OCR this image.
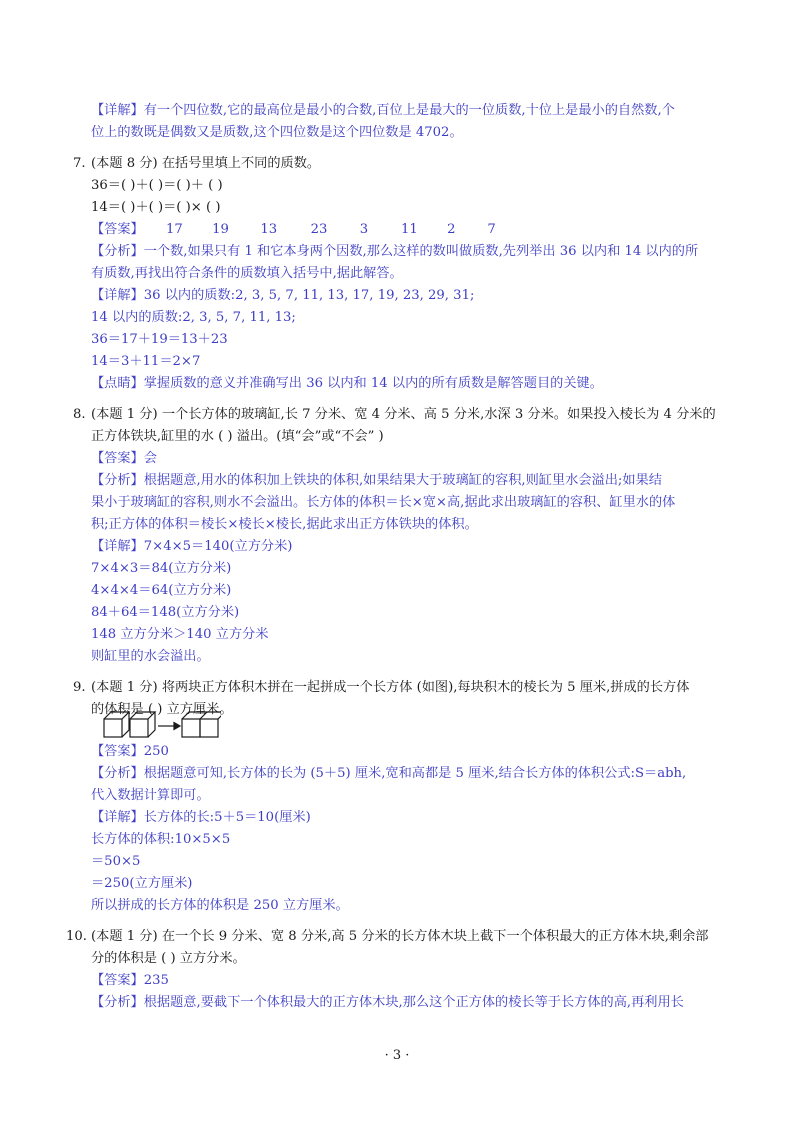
【详解】有一个四位数,它的最高位是最小的合数,百位上是最大的一位质数,十位上是最小的自然数,个
位上的数既是偶数又是质数,这个四位数是这个四位数是 4702。
7. (本题 8 分) 在括号里填上不同的质数。
36＝( )＋( )＝( )＋ ( )
14＝( )＋( )＝( )× ( )
【答案】 17 19 13	23 3 11 2 7
【分析】一个数,如果只有 1 和它本身两个因数,那么这样的数叫做质数,先列举出 36 以内和 14 以内的所
有质数,再找出符合条件的质数填入括号中,据此解答。
【详解】36 以内的质数:2, 3, 5, 7, 11, 13, 17, 19, 23, 29, 31;
14 以内的质数:2, 3, 5, 7, 11, 13;
36＝17＋19＝13＋23
14＝3＋11＝2×7
【点睛】掌握质数的意义并准确写出 36 以内和 14 以内的所有质数是解答题目的关键。
8. (本题 1 分) 一个长方体的玻璃缸,长 7 分米、宽 4 分米、高 5 分米,水深 3 分米。如果投入棱长为 4 分米的
正方体铁块,缸里的水 ( ) 溢出。(填“会”或“不会” )
【答案】会
【分析】根据题意,用水的体积加上铁块的体积,如果结果大于玻璃缸的容积,则缸里水会溢出;如果结
果小于玻璃缸的容积,则水不会溢出。长方体的体积＝长×宽×高,据此求出玻璃缸的容积、缸里水的体
积;正方体的体积＝棱长×棱长×棱长,据此求出正方体铁块的体积。
【详解】7×4×5＝140(立方分米)
7×4×3＝84(立方分米)
4×4×4＝64(立方分米)
84＋64＝148(立方分米)
148 立方分米＞140 立方分米
则缸里的水会溢出。
9. (本题 1 分) 将两块正方体积木拼在一起拼成一个长方体 (如图),每块积木的棱长为 5 厘米,拼成的长方体
的体积是 ( ) 立方厘米。
【答案】250
【分析】根据题意可知,长方体的长为 (5＋5) 厘米,宽和高都是 5 厘米,结合长方体的体积公式:S＝abh,
代入数据计算即可。
【详解】长方体的长:5＋5＝10(厘米)
长方体的体积:10×5×5
＝50×5
＝250(立方厘米)
所以拼成的长方体的体积是 250 立方厘米。
10. (本题 1 分) 在一个长 9 分米、宽 8 分米,高 5 分米的长方体木块上截下一个体积最大的正方体木块,剩余部
分的体积是 ( ) 立方分米。
【答案】235
【分析】根据题意,要截下一个体积最大的正方体木块,那么这个正方体的棱长等于长方体的高,再利用长
· 3 ·
